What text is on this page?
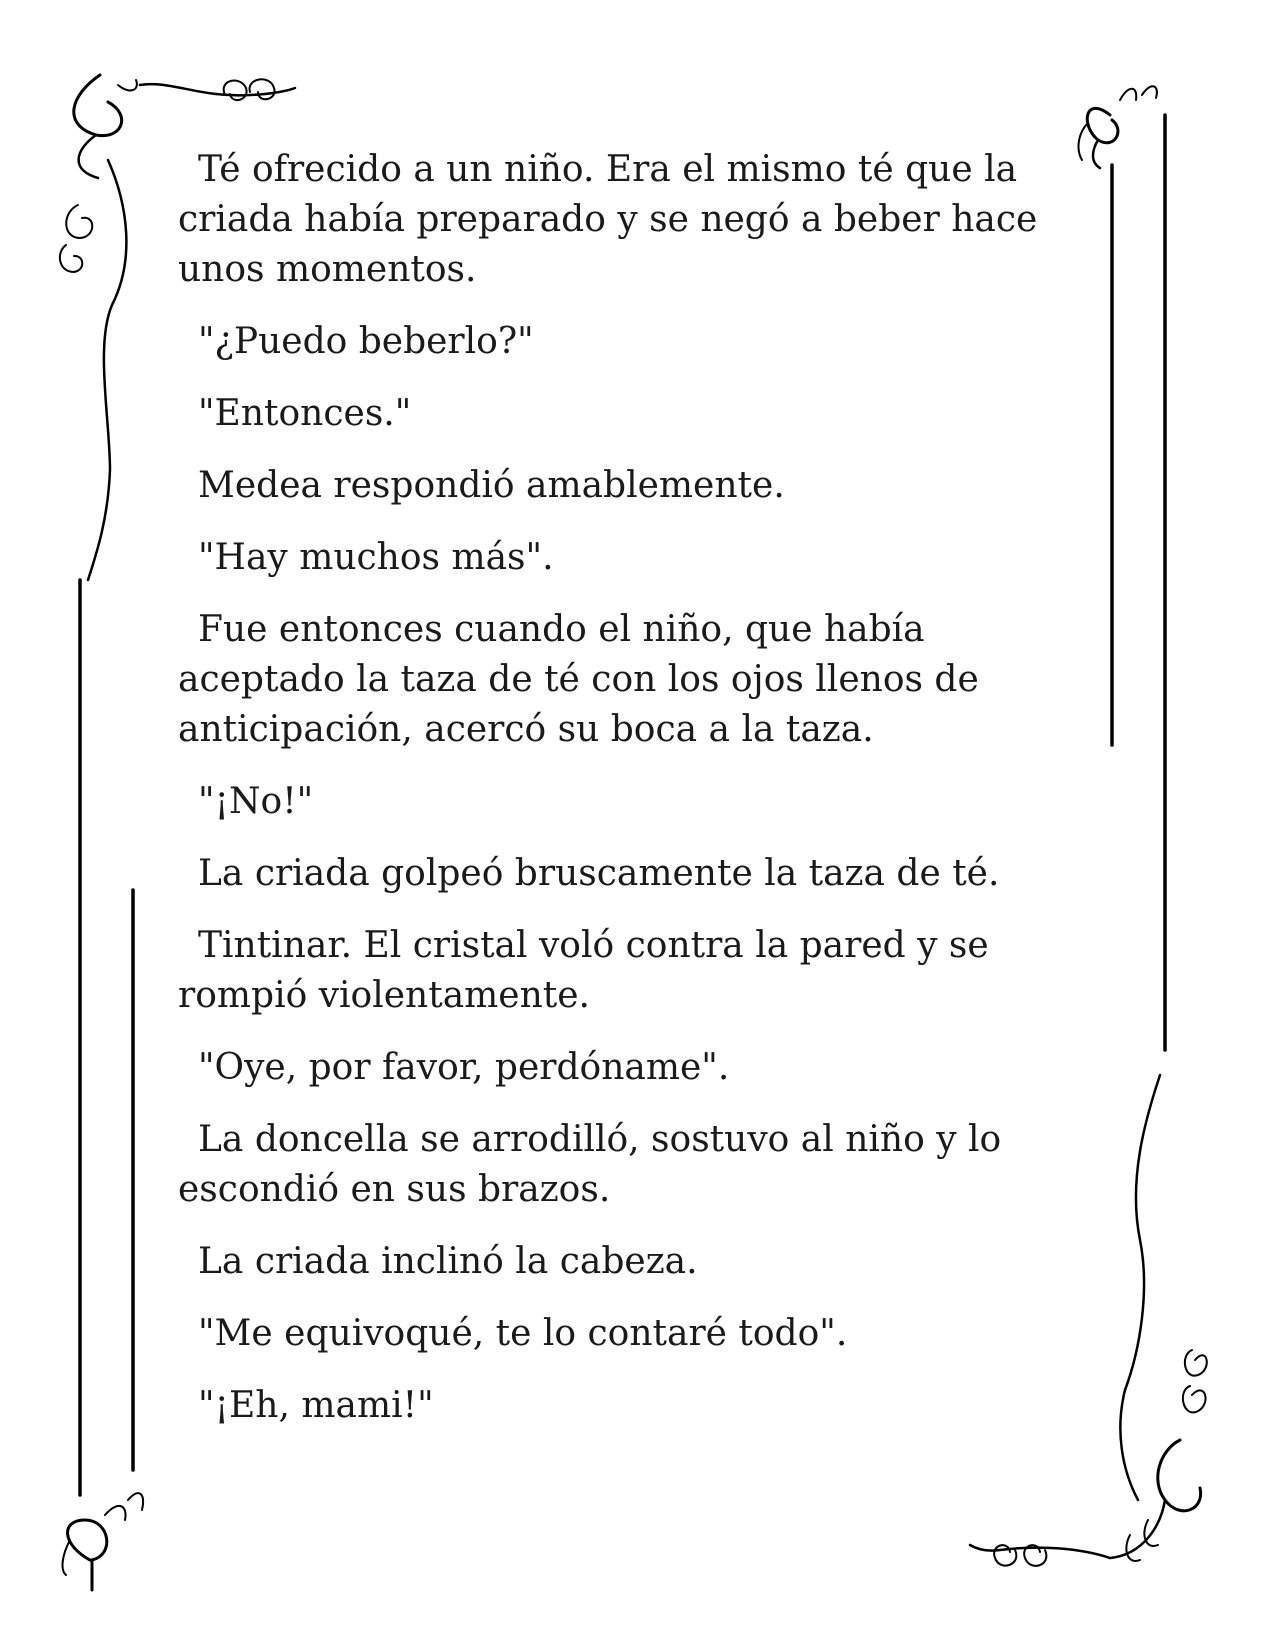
Té ofrecido a un niño. Era el mismo té que la criada había preparado y se negó a beber hace unos momentos.

"¿Puedo beberlo?"

"Entonces."

Medea respondió amablemente.

"Hay muchos más".

Fue entonces cuando el niño, que había aceptado la taza de té con los ojos llenos de anticipación, acercó su boca a la taza.

"¡No!"

La criada golpeó bruscamente la taza de té.

Tintinar. El cristal voló contra la pared y se rompió violentamente.

"Oye, por favor, perdóname".

La doncella se arrodilló, sostuvo al niño y lo escondió en sus brazos.

La criada inclinó la cabeza.

"Me equivoqué, te lo contaré todo".

"¡Eh, mami!"
